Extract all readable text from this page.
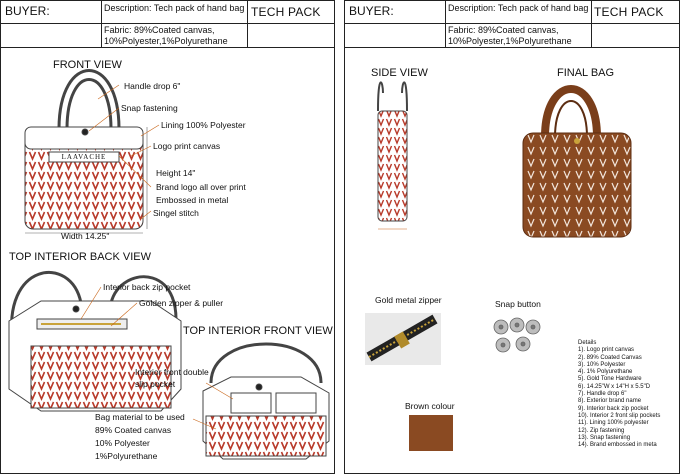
BUYER:	Description: Tech pack of hand bag TECH PACK
Fabric: 89%Coated canvas,
10%Polyester,1%Polyurethane
FRONT VIEW
Handle drop 6"
Snap fastening
Lining 100% Polyester
Logo print canvas
Height 14"
Brand logo all over print
Embossed in metal
Singel stitch
Width 14.25"
LAAVACHE
TOP INTERIOR BACK VIEW
Interior back zip pocket
Golden zipper & puller
TOP INTERIOR FRONT VIEW
Interior front double
slip pocket
Bag material to be used
89% Coated canvas
10% Polyester
1%Polyurethane
BUYER:	Description: Tech pack of hand bag TECH PACK
Fabric: 89%Coated canvas,
10%Polyester,1%Polyurethane
SIDE VIEW	FINAL BAG
Gold metal zipper	Snap button
Brown colour
Details
1). Logo print canvas
2). 89% Coated Canvas
3). 10% Polyester
4). 1% Polyurethane
5). Gold Tone Hardware
6). 14.25"W x 14"H x 5.5"D
7). Handle drop 6"
8). Exterior brand name
9). Interior back zip pocket
10). Interior 2 front slip pockets
11). Lining 100% polyester
12). Zip fastening
13). Snap fastening
14). Brand embossed in meta
